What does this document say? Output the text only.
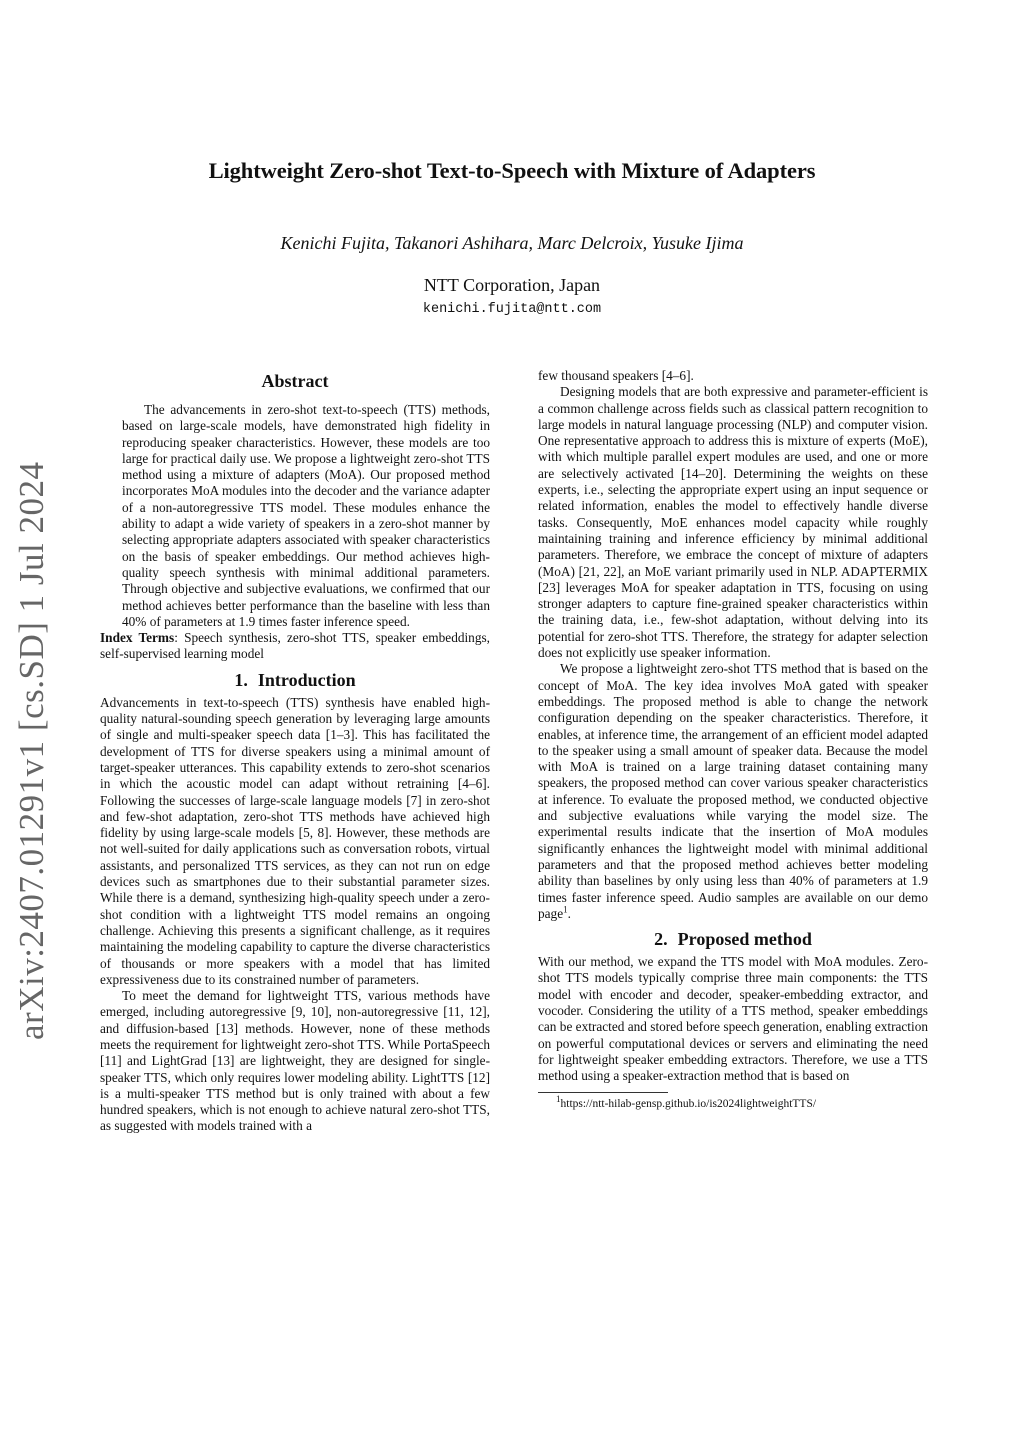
arXiv:2407.01291v1 [cs.SD] 1 Jul 2024
Lightweight Zero-shot Text-to-Speech with Mixture of Adapters
Kenichi Fujita, Takanori Ashihara, Marc Delcroix, Yusuke Ijima
NTT Corporation, Japan
kenichi.fujita@ntt.com
Abstract

The advancements in zero-shot text-to-speech (TTS) methods, based on large-scale models, have demonstrated high fidelity in reproducing speaker characteristics. However, these models are too large for practical daily use. We propose a lightweight zero-shot TTS method using a mixture of adapters (MoA). Our proposed method incorporates MoA modules into the decoder and the variance adapter of a non-autoregressive TTS model. These modules enhance the ability to adapt a wide variety of speakers in a zero-shot manner by selecting appropriate adapters associated with speaker characteristics on the basis of speaker embeddings. Our method achieves high-quality speech synthesis with minimal additional parameters. Through objective and subjective evaluations, we confirmed that our method achieves better performance than the baseline with less than 40% of parameters at 1.9 times faster inference speed.

Index Terms: Speech synthesis, zero-shot TTS, speaker embeddings, self-supervised learning model

1. Introduction

Advancements in text-to-speech (TTS) synthesis have enabled high-quality natural-sounding speech generation by leveraging large amounts of single and multi-speaker speech data [1–3]. This has facilitated the development of TTS for diverse speakers using a minimal amount of target-speaker utterances. This capability extends to zero-shot scenarios in which the acoustic model can adapt without retraining [4–6]. Following the successes of large-scale language models [7] in zero-shot and few-shot adaptation, zero-shot TTS methods have achieved high fidelity by using large-scale models [5, 8]. However, these methods are not well-suited for daily applications such as conversation robots, virtual assistants, and personalized TTS services, as they can not run on edge devices such as smartphones due to their substantial parameter sizes. While there is a demand, synthesizing high-quality speech under a zero-shot condition with a lightweight TTS model remains an ongoing challenge. Achieving this presents a significant challenge, as it requires maintaining the modeling capability to capture the diverse characteristics of thousands or more speakers with a model that has limited expressiveness due to its constrained number of parameters.

To meet the demand for lightweight TTS, various methods have emerged, including autoregressive [9, 10], non-autoregressive [11, 12], and diffusion-based [13] methods. However, none of these methods meets the requirement for lightweight zero-shot TTS. While PortaSpeech [11] and LightGrad [13] are lightweight, they are designed for single-speaker TTS, which only requires lower modeling ability. LightTTS [12] is a multi-speaker TTS method but is only trained with about a few hundred speakers, which is not enough to achieve natural zero-shot TTS, as suggested with models trained with a

few thousand speakers [4–6].

Designing models that are both expressive and parameter-efficient is a common challenge across fields such as classical pattern recognition to large models in natural language processing (NLP) and computer vision. One representative approach to address this is mixture of experts (MoE), with which multiple parallel expert modules are used, and one or more are selectively activated [14–20]. Determining the weights on these experts, i.e., selecting the appropriate expert using an input sequence or related information, enables the model to effectively handle diverse tasks. Consequently, MoE enhances model capacity while roughly maintaining training and inference efficiency by minimal additional parameters. Therefore, we embrace the concept of mixture of adapters (MoA) [21, 22], an MoE variant primarily used in NLP. ADAPTERMIX [23] leverages MoA for speaker adaptation in TTS, focusing on using stronger adapters to capture fine-grained speaker characteristics within the training data, i.e., few-shot adaptation, without delving into its potential for zero-shot TTS. Therefore, the strategy for adapter selection does not explicitly use speaker information.

We propose a lightweight zero-shot TTS method that is based on the concept of MoA. The key idea involves MoA gated with speaker embeddings. The proposed method is able to change the network configuration depending on the speaker characteristics. Therefore, it enables, at inference time, the arrangement of an efficient model adapted to the speaker using a small amount of speaker data. Because the model with MoA is trained on a large training dataset containing many speakers, the proposed method can cover various speaker characteristics at inference. To evaluate the proposed method, we conducted objective and subjective evaluations while varying the model size. The experimental results indicate that the insertion of MoA modules significantly enhances the lightweight model with minimal additional parameters and that the proposed method achieves better modeling ability than baselines by only using less than 40% of parameters at 1.9 times faster inference speed. Audio samples are available on our demo page$^1$.

2. Proposed method

With our method, we expand the TTS model with MoA modules. Zero-shot TTS models typically comprise three main components: the TTS model with encoder and decoder, speaker-embedding extractor, and vocoder. Considering the utility of a TTS method, speaker embeddings can be extracted and stored before speech generation, enabling extraction on powerful computational devices or servers and eliminating the need for lightweight speaker embedding extractors. Therefore, we use a TTS method using a speaker-extraction method that is based on

$^1$https://ntt-hilab-gensp.github.io/is2024lightweightTTS/
